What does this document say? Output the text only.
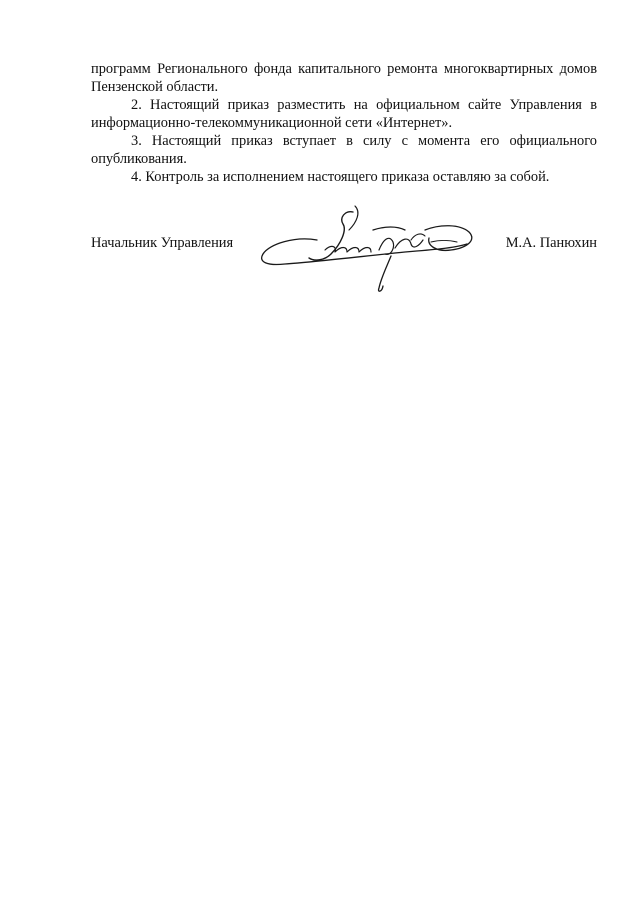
программ Регионального фонда капитального ремонта многоквартирных домов Пензенской области.

2. Настоящий приказ разместить на официальном сайте Управления в информационно-телекоммуникационной сети «Интернет».

3. Настоящий приказ вступает в силу с момента его официального опубликования.

4. Контроль за исполнением настоящего приказа оставляю за собой.

Начальник Управления	М.А. Панюхин
